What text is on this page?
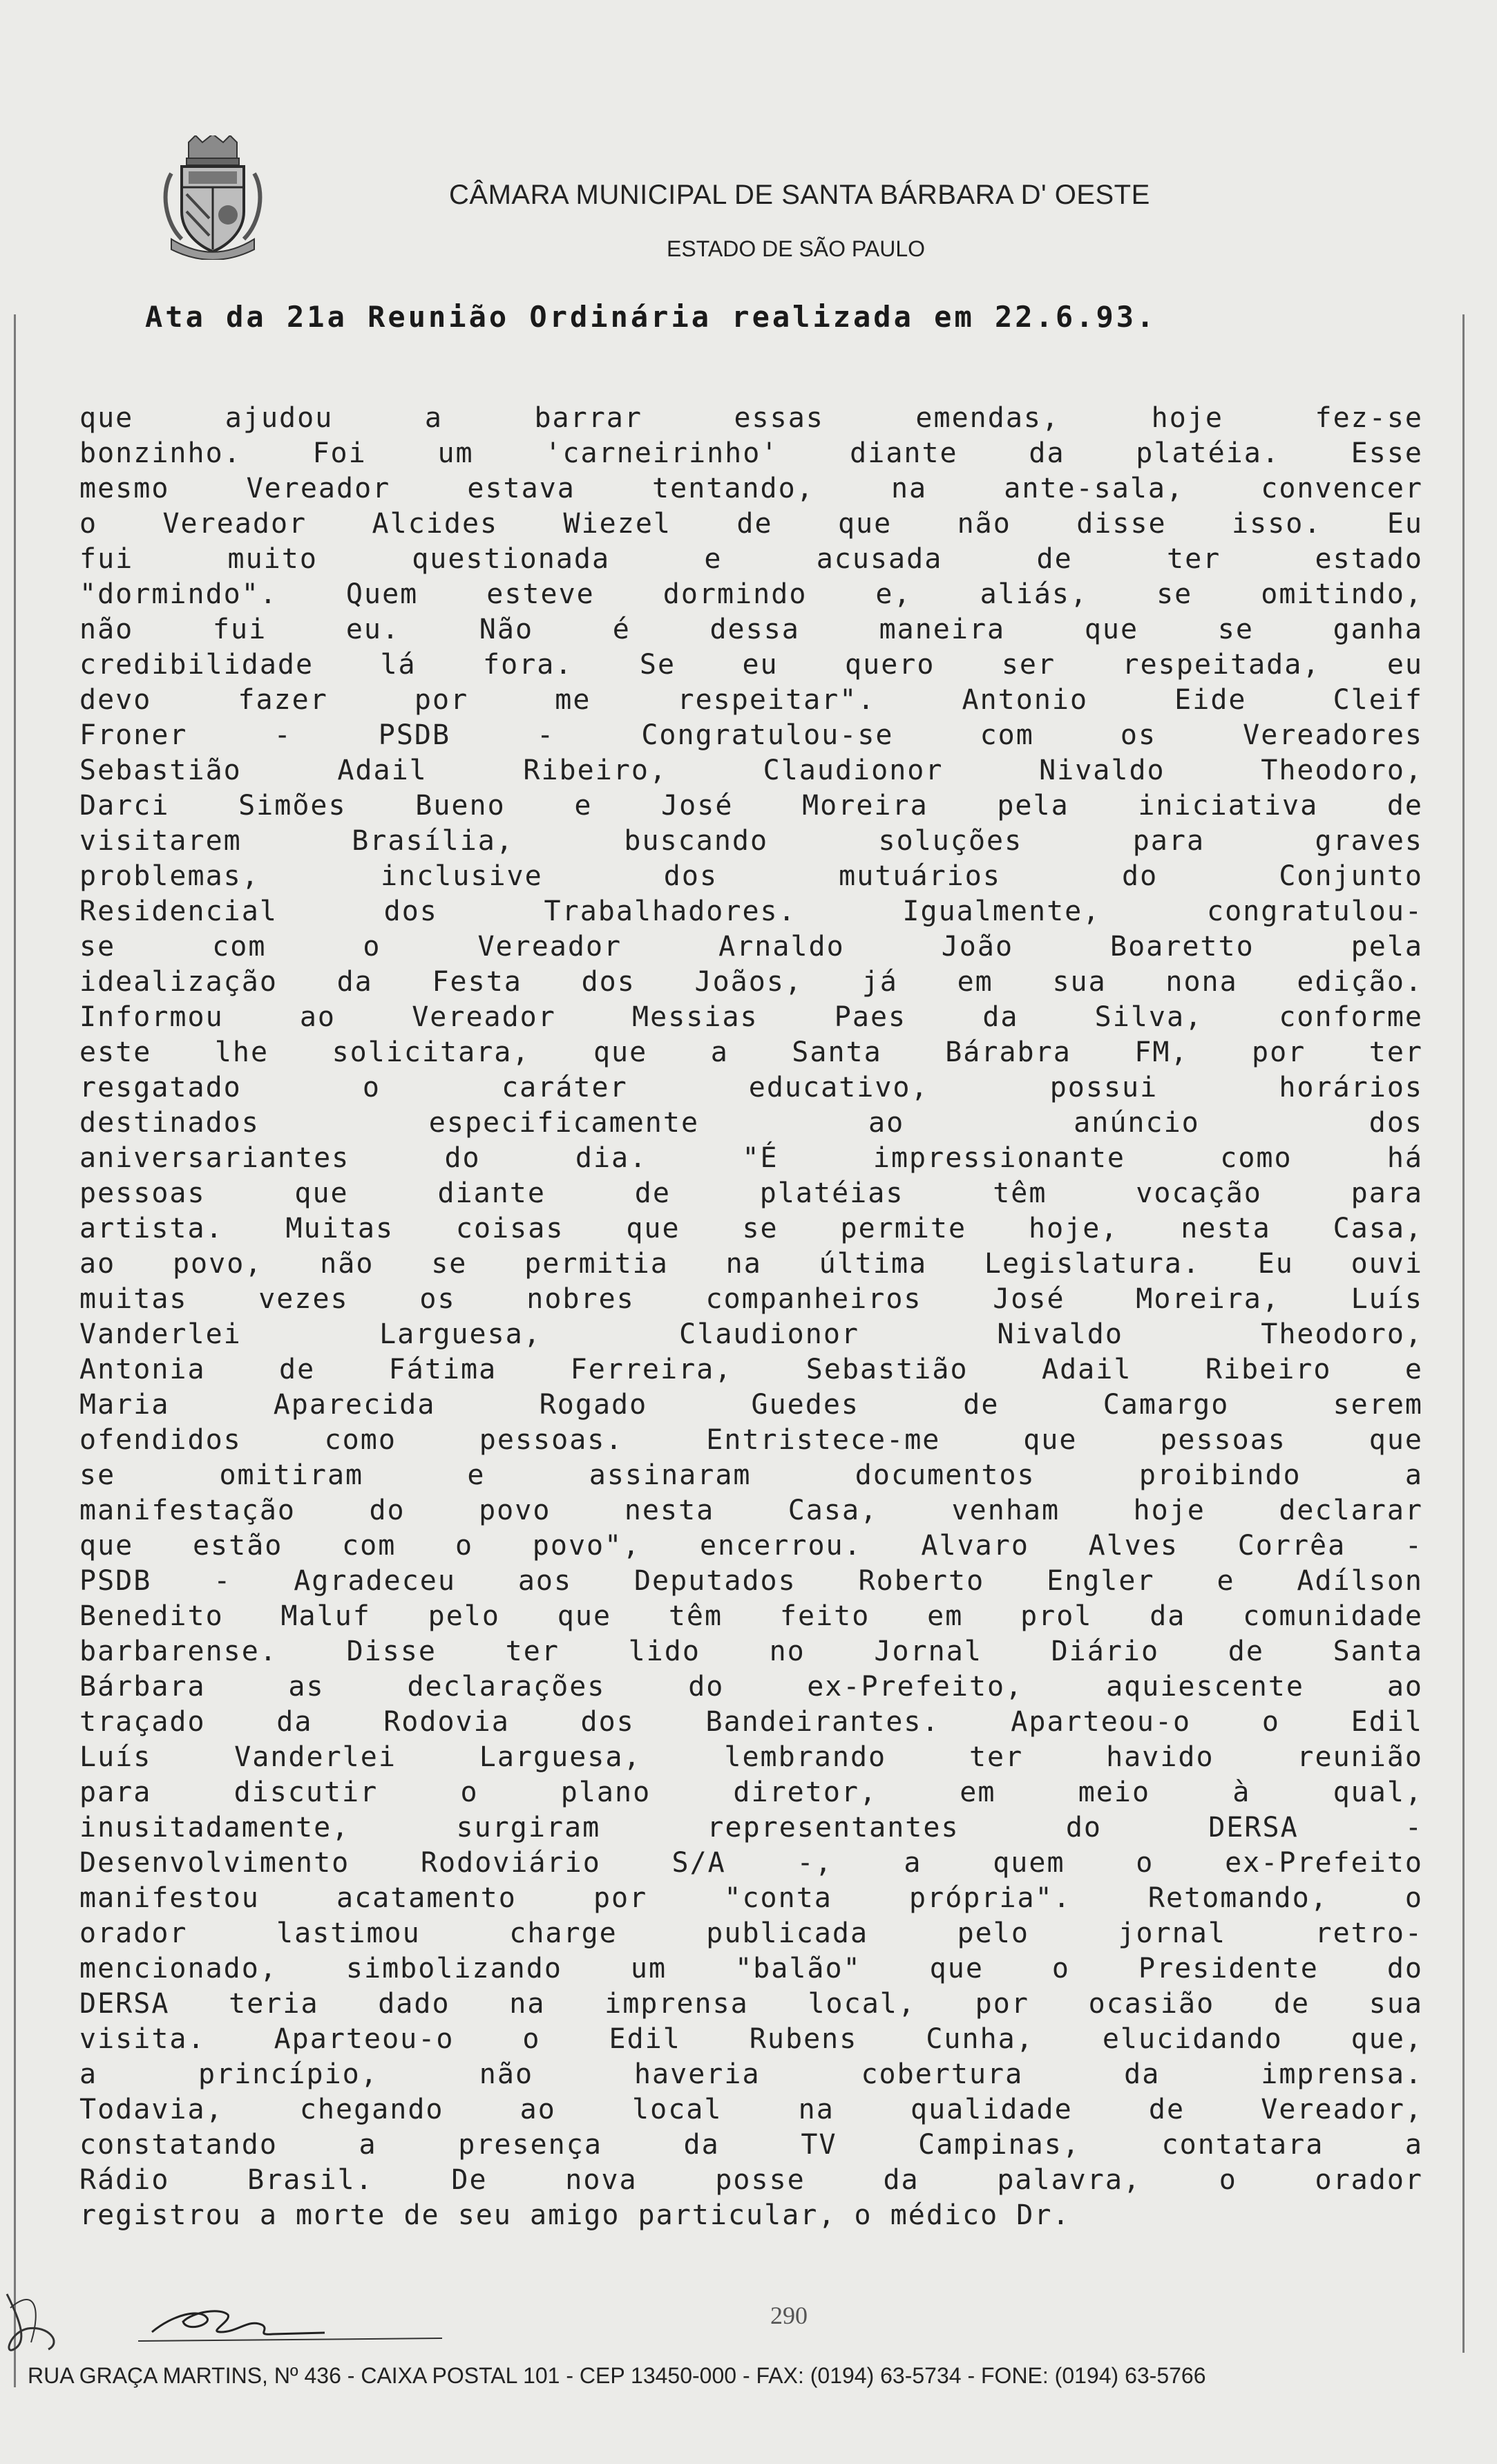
CÂMARA MUNICIPAL DE SANTA BÁRBARA D' OESTE
ESTADO DE SÃO PAULO
Ata da 21a Reunião Ordinária realizada em 22.6.93.
que ajudou a barrar essas emendas, hoje fez-se
bonzinho. Foi um 'carneirinho' diante da platéia. Esse
mesmo Vereador estava tentando, na ante-sala, convencer
o Vereador Alcides Wiezel de que não disse isso. Eu
fui muito questionada e acusada de ter estado
"dormindo". Quem esteve dormindo e, aliás, se omitindo,
não fui eu. Não é dessa maneira que se ganha
credibilidade lá fora. Se eu quero ser respeitada, eu
devo fazer por me respeitar". Antonio Eide Cleif
Froner - PSDB - Congratulou-se com os Vereadores
Sebastião Adail Ribeiro, Claudionor Nivaldo Theodoro,
Darci Simões Bueno e José Moreira pela iniciativa de
visitarem Brasília, buscando soluções para graves
problemas, inclusive dos mutuários do Conjunto
Residencial dos Trabalhadores. Igualmente, congratulou-
se com o Vereador Arnaldo João Boaretto pela
idealização da Festa dos Joãos, já em sua nona edição.
Informou ao Vereador Messias Paes da Silva, conforme
este lhe solicitara, que a Santa Bárabra FM, por ter
resgatado o caráter educativo, possui horários
destinados especificamente ao anúncio dos
aniversariantes do dia. "É impressionante como há
pessoas que diante de platéias têm vocação para
artista. Muitas coisas que se permite hoje, nesta Casa,
ao povo, não se permitia na última Legislatura. Eu ouvi
muitas vezes os nobres companheiros José Moreira, Luís
Vanderlei Larguesa, Claudionor Nivaldo Theodoro,
Antonia de Fátima Ferreira, Sebastião Adail Ribeiro e
Maria Aparecida Rogado Guedes de Camargo serem
ofendidos como pessoas. Entristece-me que pessoas que
se omitiram e assinaram documentos proibindo a
manifestação do povo nesta Casa, venham hoje declarar
que estão com o povo", encerrou. Alvaro Alves Corrêa -
PSDB - Agradeceu aos Deputados Roberto Engler e Adílson
Benedito Maluf pelo que têm feito em prol da comunidade
barbarense. Disse ter lido no Jornal Diário de Santa
Bárbara as declarações do ex-Prefeito, aquiescente ao
traçado da Rodovia dos Bandeirantes. Aparteou-o o Edil
Luís Vanderlei Larguesa, lembrando ter havido reunião
para discutir o plano diretor, em meio à qual,
inusitadamente, surgiram representantes do DERSA -
Desenvolvimento Rodoviário S/A -, a quem o ex-Prefeito
manifestou acatamento por "conta própria". Retomando, o
orador lastimou charge publicada pelo jornal retro-
mencionado, simbolizando um "balão" que o Presidente do
DERSA teria dado na imprensa local, por ocasião de sua
visita. Aparteou-o o Edil Rubens Cunha, elucidando que,
a princípio, não haveria cobertura da imprensa.
Todavia, chegando ao local na qualidade de Vereador,
constatando a presença da TV Campinas, contatara a
Rádio Brasil. De nova posse da palavra, o orador
registrou a morte de seu amigo particular, o médico Dr.
290
RUA GRAÇA MARTINS, Nº 436 - CAIXA POSTAL 101 - CEP 13450-000 - FAX: (0194) 63-5734 - FONE: (0194) 63-5766
